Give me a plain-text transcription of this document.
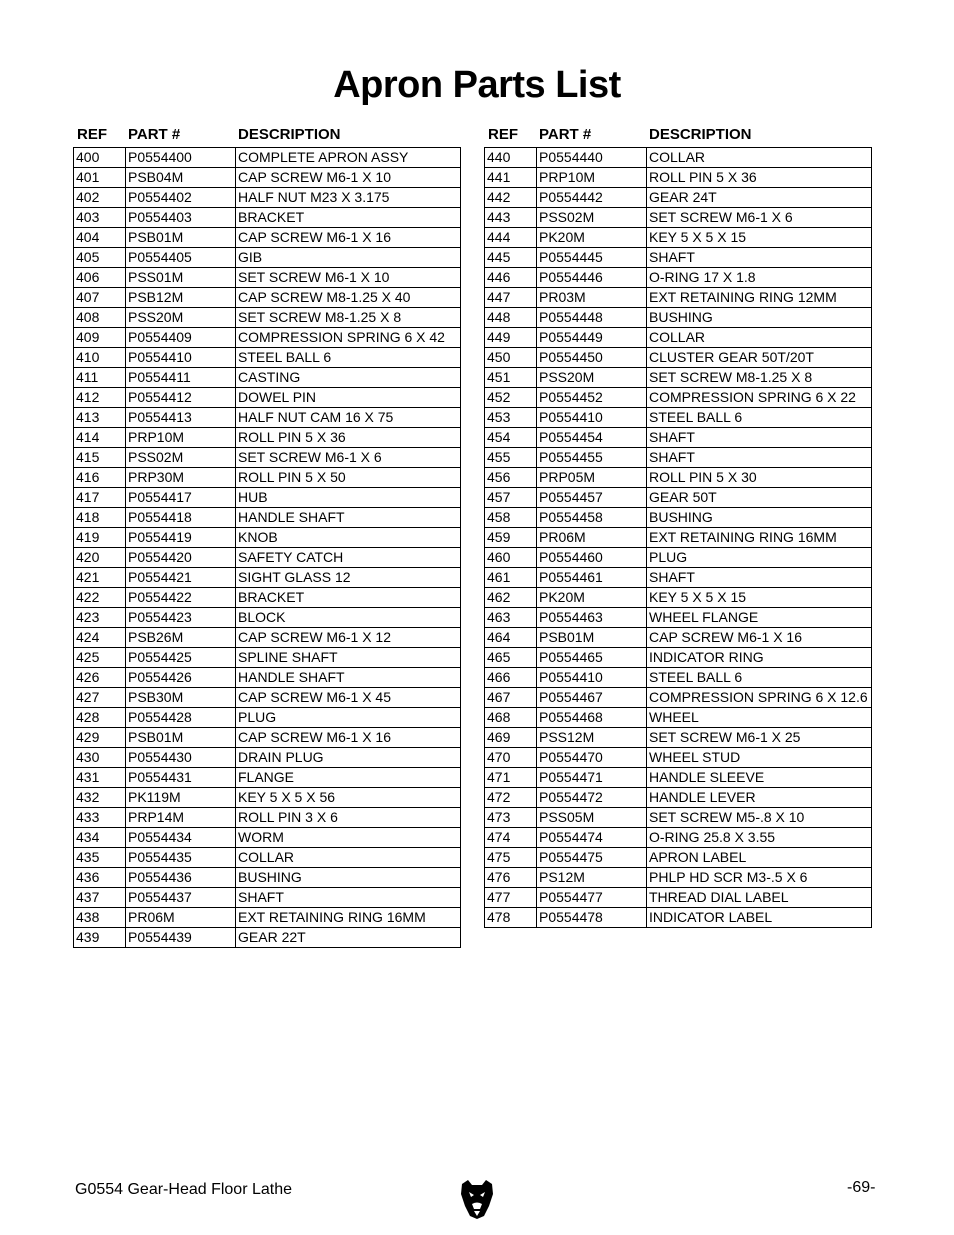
Apron Parts List
REF	PART #	DESCRIPTION
400	P0554400	COMPLETE APRON ASSY
401	PSB04M	CAP SCREW M6-1 X 10
402	P0554402	HALF NUT M23 X 3.175
403	P0554403	BRACKET
404	PSB01M	CAP SCREW M6-1 X 16
405	P0554405	GIB
406	PSS01M	SET SCREW M6-1 X 10
407	PSB12M	CAP SCREW M8-1.25 X 40
408	PSS20M	SET SCREW M8-1.25 X 8
409	P0554409	COMPRESSION SPRING 6 X 42
410	P0554410	STEEL BALL 6
411	P0554411	CASTING
412	P0554412	DOWEL PIN
413	P0554413	HALF NUT CAM 16 X 75
414	PRP10M	ROLL PIN 5 X 36
415	PSS02M	SET SCREW M6-1 X 6
416	PRP30M	ROLL PIN 5 X 50
417	P0554417	HUB
418	P0554418	HANDLE SHAFT
419	P0554419	KNOB
420	P0554420	SAFETY CATCH
421	P0554421	SIGHT GLASS 12
422	P0554422	BRACKET
423	P0554423	BLOCK
424	PSB26M	CAP SCREW M6-1 X 12
425	P0554425	SPLINE SHAFT
426	P0554426	HANDLE SHAFT
427	PSB30M	CAP SCREW M6-1 X 45
428	P0554428	PLUG
429	PSB01M	CAP SCREW M6-1 X 16
430	P0554430	DRAIN PLUG
431	P0554431	FLANGE
432	PK119M	KEY 5 X 5 X 56
433	PRP14M	ROLL PIN 3 X 6
434	P0554434	WORM
435	P0554435	COLLAR
436	P0554436	BUSHING
437	P0554437	SHAFT
438	PR06M	EXT RETAINING RING 16MM
439	P0554439	GEAR 22T
REF	PART #	DESCRIPTION
440	P0554440	COLLAR
441	PRP10M	ROLL PIN 5 X 36
442	P0554442	GEAR 24T
443	PSS02M	SET SCREW M6-1 X 6
444	PK20M	KEY 5 X 5 X 15
445	P0554445	SHAFT
446	P0554446	O-RING 17 X 1.8
447	PR03M	EXT RETAINING RING 12MM
448	P0554448	BUSHING
449	P0554449	COLLAR
450	P0554450	CLUSTER GEAR 50T/20T
451	PSS20M	SET SCREW M8-1.25 X 8
452	P0554452	COMPRESSION SPRING 6 X 22
453	P0554410	STEEL BALL 6
454	P0554454	SHAFT
455	P0554455	SHAFT
456	PRP05M	ROLL PIN 5 X 30
457	P0554457	GEAR 50T
458	P0554458	BUSHING
459	PR06M	EXT RETAINING RING 16MM
460	P0554460	PLUG
461	P0554461	SHAFT
462	PK20M	KEY 5 X 5 X 15
463	P0554463	WHEEL FLANGE
464	PSB01M	CAP SCREW M6-1 X 16
465	P0554465	INDICATOR RING
466	P0554410	STEEL BALL 6
467	P0554467	COMPRESSION SPRING 6 X 12.6
468	P0554468	WHEEL
469	PSS12M	SET SCREW M6-1 X 25
470	P0554470	WHEEL STUD
471	P0554471	HANDLE SLEEVE
472	P0554472	HANDLE LEVER
473	PSS05M	SET SCREW M5-.8 X 10
474	P0554474	O-RING 25.8 X 3.55
475	P0554475	APRON LABEL
476	PS12M	PHLP HD SCR M3-.5 X 6
477	P0554477	THREAD DIAL LABEL
478	P0554478	INDICATOR LABEL
G0554 Gear-Head Floor Lathe	-69-
